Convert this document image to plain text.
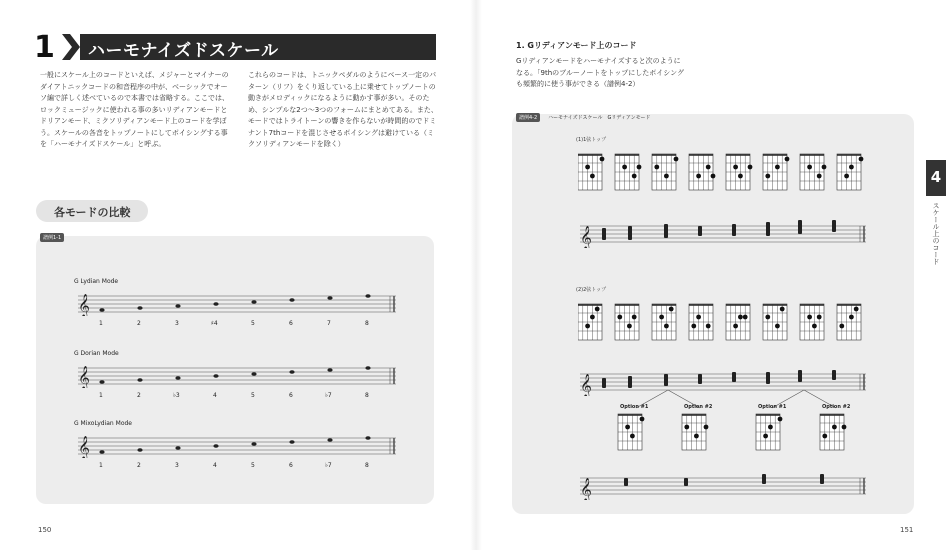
1 ハーモナイズドスケール
一般にスケール上のコードといえば、メジャーとマイナーのダイアトニックコードの和音程序の中が、ベーシックでオーソ編で詳しく述べているので本書では省略する。ここでは、ロックミュージックに使われる事の多いリディアンモードとドリアンモード、ミクソリディアンモード上のコードを学ぼう。スケールの各音をトップノートにしてボイシングする事を「ハーモナイズドスケール」と呼ぶ。
これらのコードは、トニックペダルのようにベース一定のパターン（リフ）をくり返している上に乗せてトップノートの動きがメロディックになるように動かす事が多い。そのため、シンプルな2つ〜3つのフォームにまとめてある。また、モードではトライトーンの響きを作らないが時間的のでドミナント7thコードを混じさせるボイシングは避けている（ミクソリディアンモードを除く）
各モードの比較
譜例1-1
G Lydian Mode
𝄞
1	2	3	♯4	5	6	7	8
G Dorian Mode
𝄞
1	2	♭3	4	5	6	♭7	8
G MixoLydian Mode
𝄞
1	2	3	4	5	6	♭7	8
150
1. Gリディアンモード上のコード
Gリディアンモードをハーモナイズすると次のようになる。「9thのブルーノートをトップにしたボイシングも頻繁的に使う事ができる（譜例4-2）
譜例4-2	ハーモナイズドスケール　Gリディアンモード
(1)1弦トップ
𝄞
(2)2弦トップ
𝄞
Option #1	Option #2	Option #1	Option #2
𝄞
4
スケール上のコード
151
